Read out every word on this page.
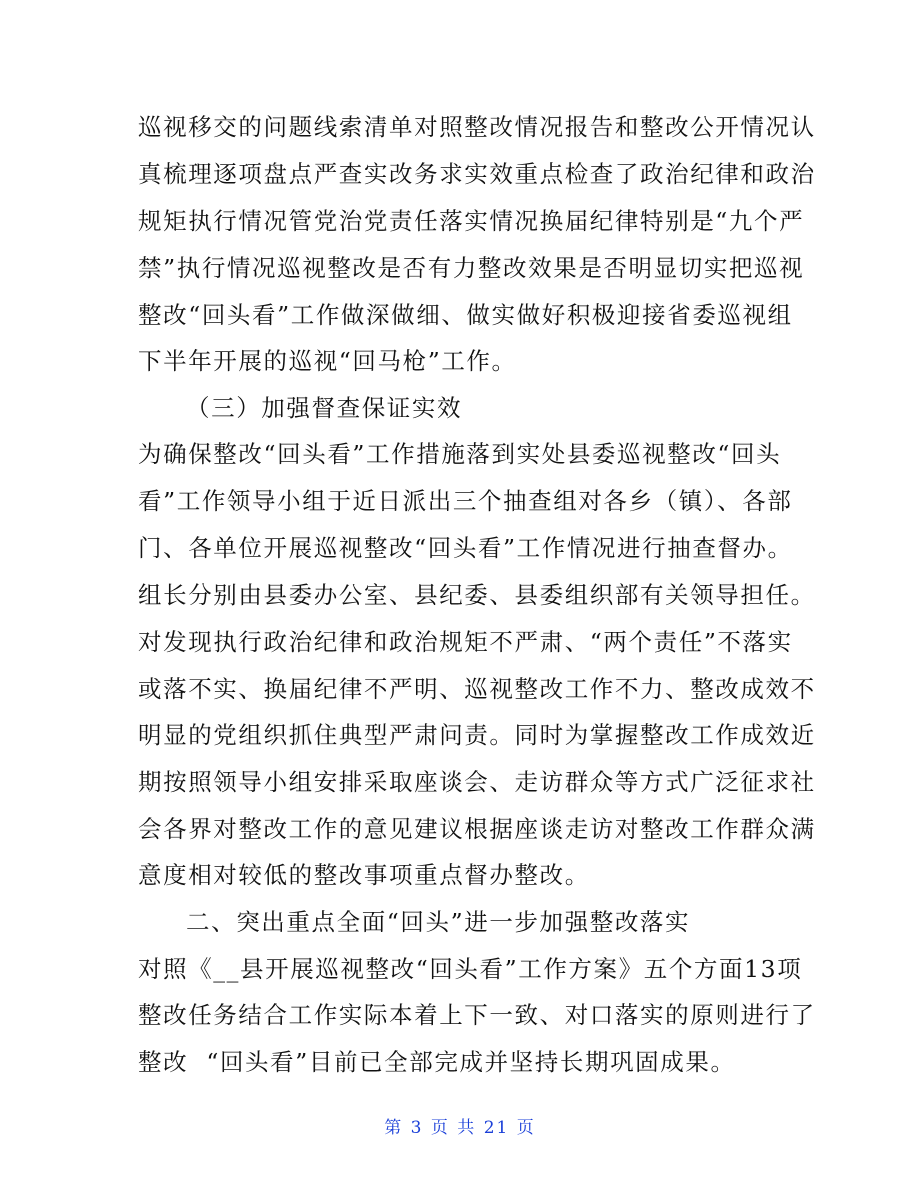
巡视移交的问题线索清单对照整改情况报告和整改公开情况认
真梳理逐项盘点严查实改务求实效重点检查了政治纪律和政治
规矩执行情况管党治党责任落实情况换届纪律特别是“九个严
禁”执行情况巡视整改是否有力整改效果是否明显切实把巡视
整改“回头看”工作做深做细、做实做好积极迎接省委巡视组
下半年开展的巡视“回马枪”工作。
（三）加强督查保证实效
为确保整改“回头看”工作措施落到实处县委巡视整改“回头
看”工作领导小组于近日派出三个抽查组对各乡（镇）、各部
门、各单位开展巡视整改“回头看”工作情况进行抽查督办。
组长分别由县委办公室、县纪委、县委组织部有关领导担任。
对发现执行政治纪律和政治规矩不严肃、“两个责任”不落实
或落不实、换届纪律不严明、巡视整改工作不力、整改成效不
明显的党组织抓住典型严肃问责。同时为掌握整改工作成效近
期按照领导小组安排采取座谈会、走访群众等方式广泛征求社
会各界对整改工作的意见建议根据座谈走访对整改工作群众满
意度相对较低的整改事项重点督办整改。
二、突出重点全面“回头”进一步加强整改落实
对照《__县开展巡视整改“回头看”工作方案》五个方面13项
整改任务结合工作实际本着上下一致、对口落实的原则进行了
整改  “回头看”目前已全部完成并坚持长期巩固成果。
第 3 页 共 21 页
